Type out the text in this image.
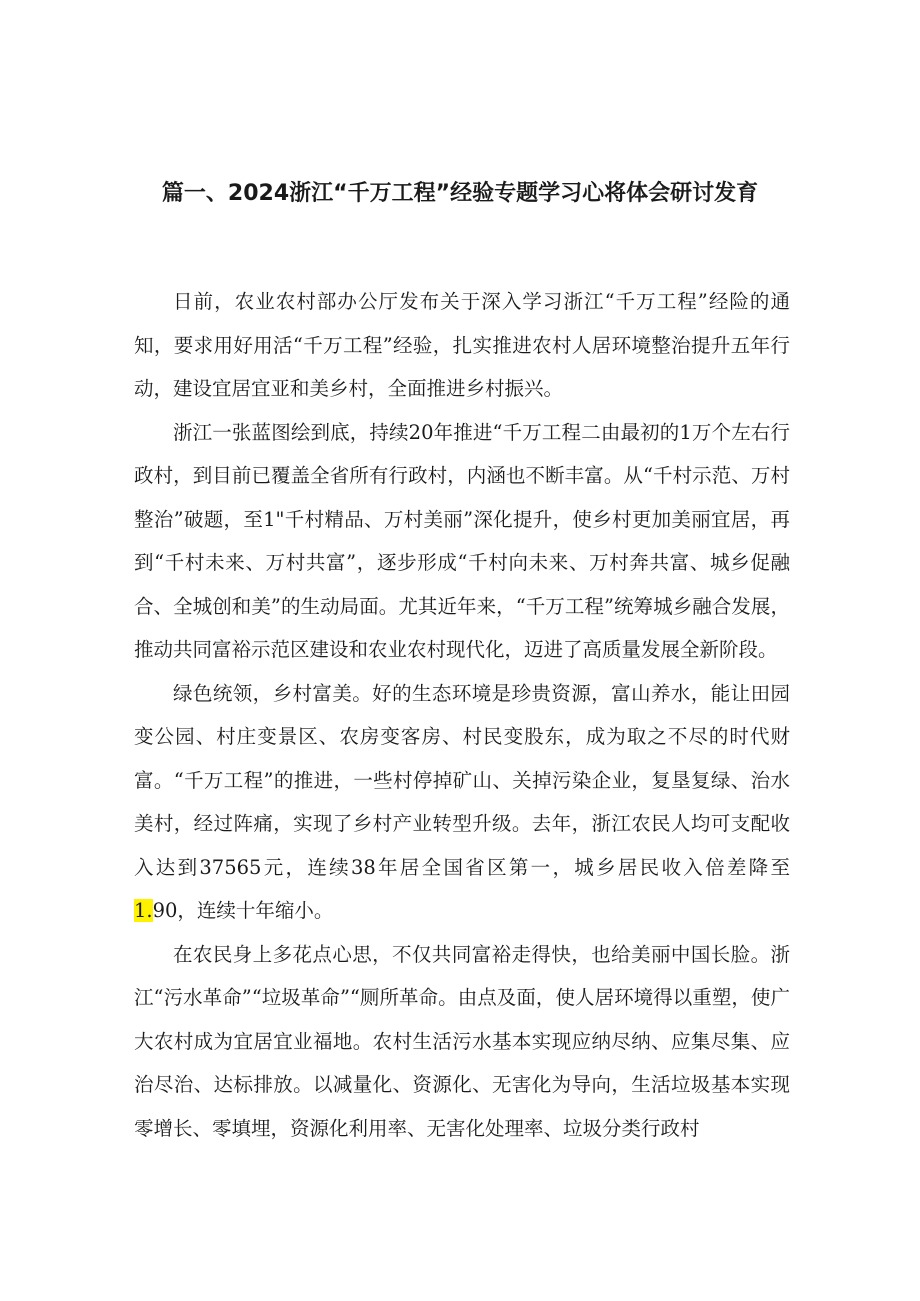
篇一、2024浙江“千万工程”经验专题学习心将体会研讨发育

日前，农业农村部办公厅发布关于深入学习浙江“千万工程”经险的通知，要求用好用活“千万工程”经验，扎实推进农村人居环境整治提升五年行动，建设宜居宜亚和美乡村，全面推进乡村振兴。

浙江一张蓝图绘到底，持续20年推进“千万工程二由最初的1万个左右行政村，到目前已覆盖全省所有行政村，内涵也不断丰富。从“千村示范、万村整治”破题，至1"千村精品、万村美丽”深化提升，使乡村更加美丽宜居，再到“千村未来、万村共富”，逐步形成“千村向未来、万村奔共富、城乡促融合、全城创和美”的生动局面。尤其近年来，“千万工程”统筹城乡融合发展，推动共同富裕示范区建设和农业农村现代化，迈进了高质量发展全新阶段。

绿色统领，乡村富美。好的生态环境是珍贵资源，富山养水，能让田园变公园、村庄变景区、农房变客房、村民变股东，成为取之不尽的时代财富。“千万工程”的推进，一些村停掉矿山、关掉污染企业，复垦复绿、治水美村，经过阵痛，实现了乡村产业转型升级。去年，浙江农民人均可支配收入达到37565元，连续38年居全国省区第一，城乡居民收入倍差降至1.90，连续十年缩小。

在农民身上多花点心思，不仅共同富裕走得快，也给美丽中国长脸。浙江“污水革命”“垃圾革命”“厕所革命。由点及面，使人居环境得以重塑，使广大农村成为宜居宜业福地。农村生活污水基本实现应纳尽纳、应集尽集、应治尽治、达标排放。以减量化、资源化、无害化为导向，生活垃圾基本实现零增长、零填埋，资源化利用率、无害化处理率、垃圾分类行政村
